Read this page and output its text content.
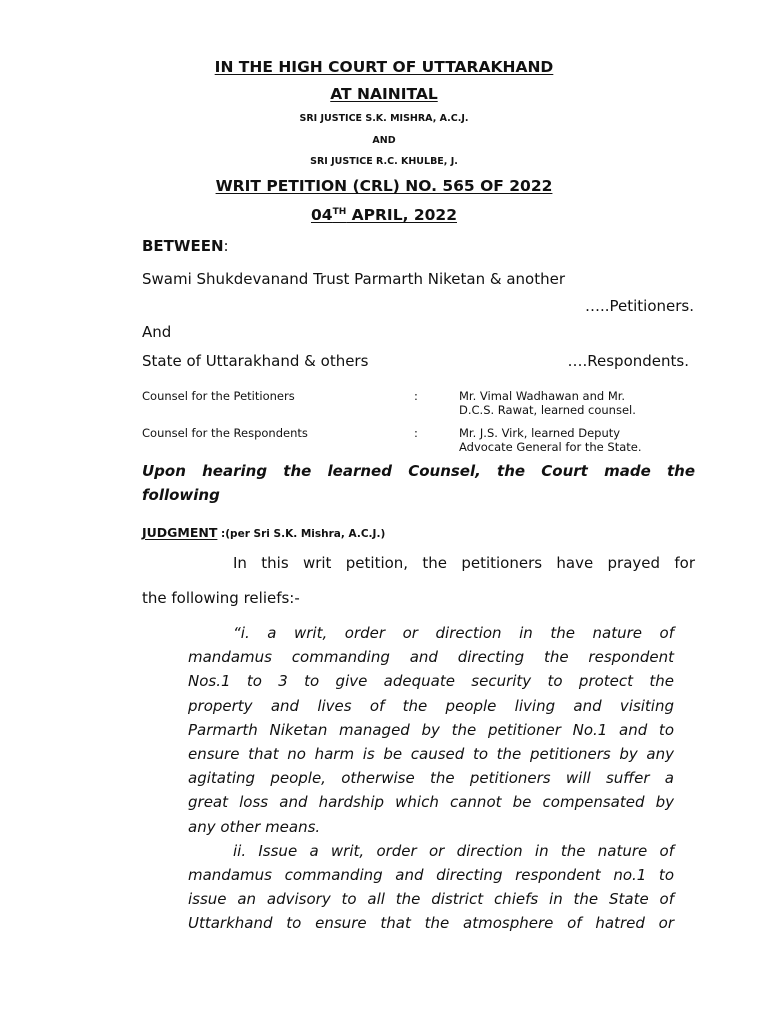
IN THE HIGH COURT OF UTTARAKHAND
AT NAINITAL
SRI JUSTICE S.K. MISHRA, A.C.J.
AND
SRI JUSTICE R.C. KHULBE, J.
WRIT PETITION (CRL) NO. 565 OF 2022
04TH APRIL, 2022
BETWEEN:
Swami Shukdevanand Trust Parmarth Niketan & another
…..Petitioners.
And
State of Uttarakhand & others	….Respondents.
Counsel for the Petitioners	:	Mr. Vimal Wadhawan and Mr.
D.C.S. Rawat, learned counsel.
Counsel for the Respondents	:	Mr. J.S. Virk, learned Deputy
Advocate General for the State.
Upon hearing the learned Counsel, the Court made the
following
JUDGMENT :(per Sri S.K. Mishra, A.C.J.)
In this writ petition, the petitioners have prayed for
the following reliefs:-
“i. a writ, order or direction in the nature of
mandamus commanding and directing the respondent
Nos.1 to 3 to give adequate security to protect the
property and lives of the people living and visiting
Parmarth Niketan managed by the petitioner No.1 and to
ensure that no harm is be caused to the petitioners by any
agitating people, otherwise the petitioners will suffer a
great loss and hardship which cannot be compensated by
any other means.
ii. Issue a writ, order or direction in the nature of
mandamus commanding and directing respondent no.1 to
issue an advisory to all the district chiefs in the State of
Uttarkhand to ensure that the atmosphere of hatred or
